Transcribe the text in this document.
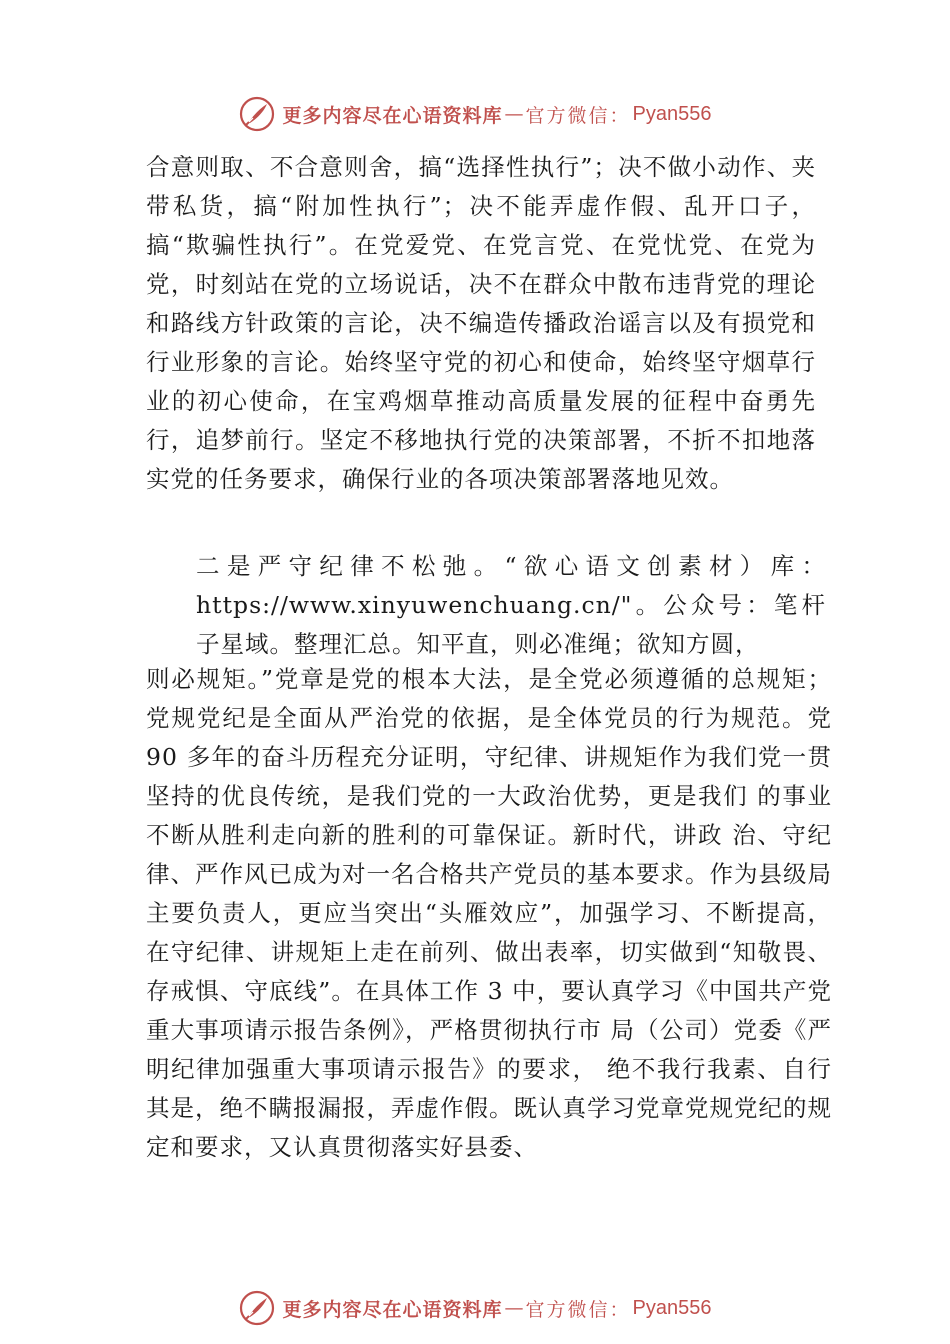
更多内容尽在心语资料库 — 官方微信： Pyan556

合意则取、不合意则舍，搞“选择性执行”；决不做小动作、夹带私货，搞“附加性执行”；决不能弄虚作假、乱开口子，搞“欺骗性执行”。在党爱党、在党言党、在党忧党、在党为党，时刻站在党的立场说话，决不在群众中散布违背党的理论和路线方针政策的言论，决不编造传播政治谣言以及有损党和行业形象的言论。始终坚守党的初心和使命，始终坚守烟草行业的初心使命，在宝鸡烟草推动高质量发展的征程中奋勇先行，追梦前行。坚定不移地执行党的决策部署，不折不扣地落实党的任务要求，确保行业的各项决策部署落地见效。

二是严守纪律不松弛。“欲心语文创素材）库：https://www.xinyuwenchuang.cn/"。公众号：笔杆子星域。整理汇总。知平直，则必准绳；欲知方圆，

则必规矩。”党章是党的根本大法，是全党必须遵循的总规矩；党规党纪是全面从严治党的依据，是全体党员的行为规范。党 90 多年的奋斗历程充分证明，守纪律、讲规矩作为我们党一贯坚持的优良传统，是我们党的一大政治优势，更是我们 的事业不断从胜利走向新的胜利的可靠保证。新时代，讲政 治、守纪律、严作风已成为对一名合格共产党员的基本要求。作为县级局主要负责人，更应当突出“头雁效应”，加强学习、不断提高，在守纪律、讲规矩上走在前列、做出表率，切实做到“知敬畏、存戒惧、守底线”。在具体工作 3 中，要认真学习《中国共产党重大事项请示报告条例》，严格贯彻执行市 局（公司）党委《严明纪律加强重大事项请示报告》的要求， 绝不我行我素、自行其是，绝不瞒报漏报，弄虚作假。既认真学习党章党规党纪的规定和要求，又认真贯彻落实好县委、

更多内容尽在心语资料库 — 官方微信： Pyan556
